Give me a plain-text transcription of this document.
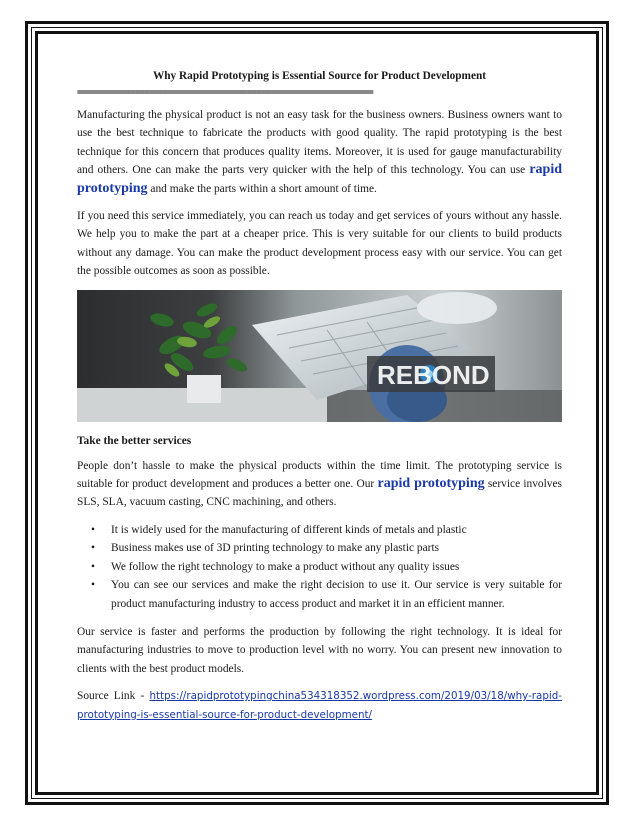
Why Rapid Prototyping is Essential Source for Product Development
==================================================================

Manufacturing the physical product is not an easy task for the business owners. Business owners want to use the best technique to fabricate the products with good quality. The rapid prototyping is the best technique for this concern that produces quality items. Moreover, it is used for gauge manufacturability and others. One can make the parts very quicker with the help of this technology. You can use rapid prototyping and make the parts within a short amount of time.

If you need this service immediately, you can reach us today and get services of yours without any hassle. We help you to make the part at a cheaper price. This is very suitable for our clients to build products without any damage. You can make the product development process easy with our service. You can get the possible outcomes as soon as possible.

REBOND
Take the better services

People don’t hassle to make the physical products within the time limit. The prototyping service is suitable for product development and produces a better one. Our rapid prototyping service involves SLS, SLA, vacuum casting, CNC machining, and others.

• It is widely used for the manufacturing of different kinds of metals and plastic
• Business makes use of 3D printing technology to make any plastic parts
• We follow the right technology to make a product without any quality issues
• You can see our services and make the right decision to use it. Our service is very suitable for product manufacturing industry to access product and market it in an efficient manner.

Our service is faster and performs the production by following the right technology. It is ideal for manufacturing industries to move to production level with no worry. You can present new innovation to clients with the best product models.

Source Link - https://rapidprototypingchina534318352.wordpress.com/2019/03/18/why-rapid-prototyping-is-essential-source-for-product-development/
